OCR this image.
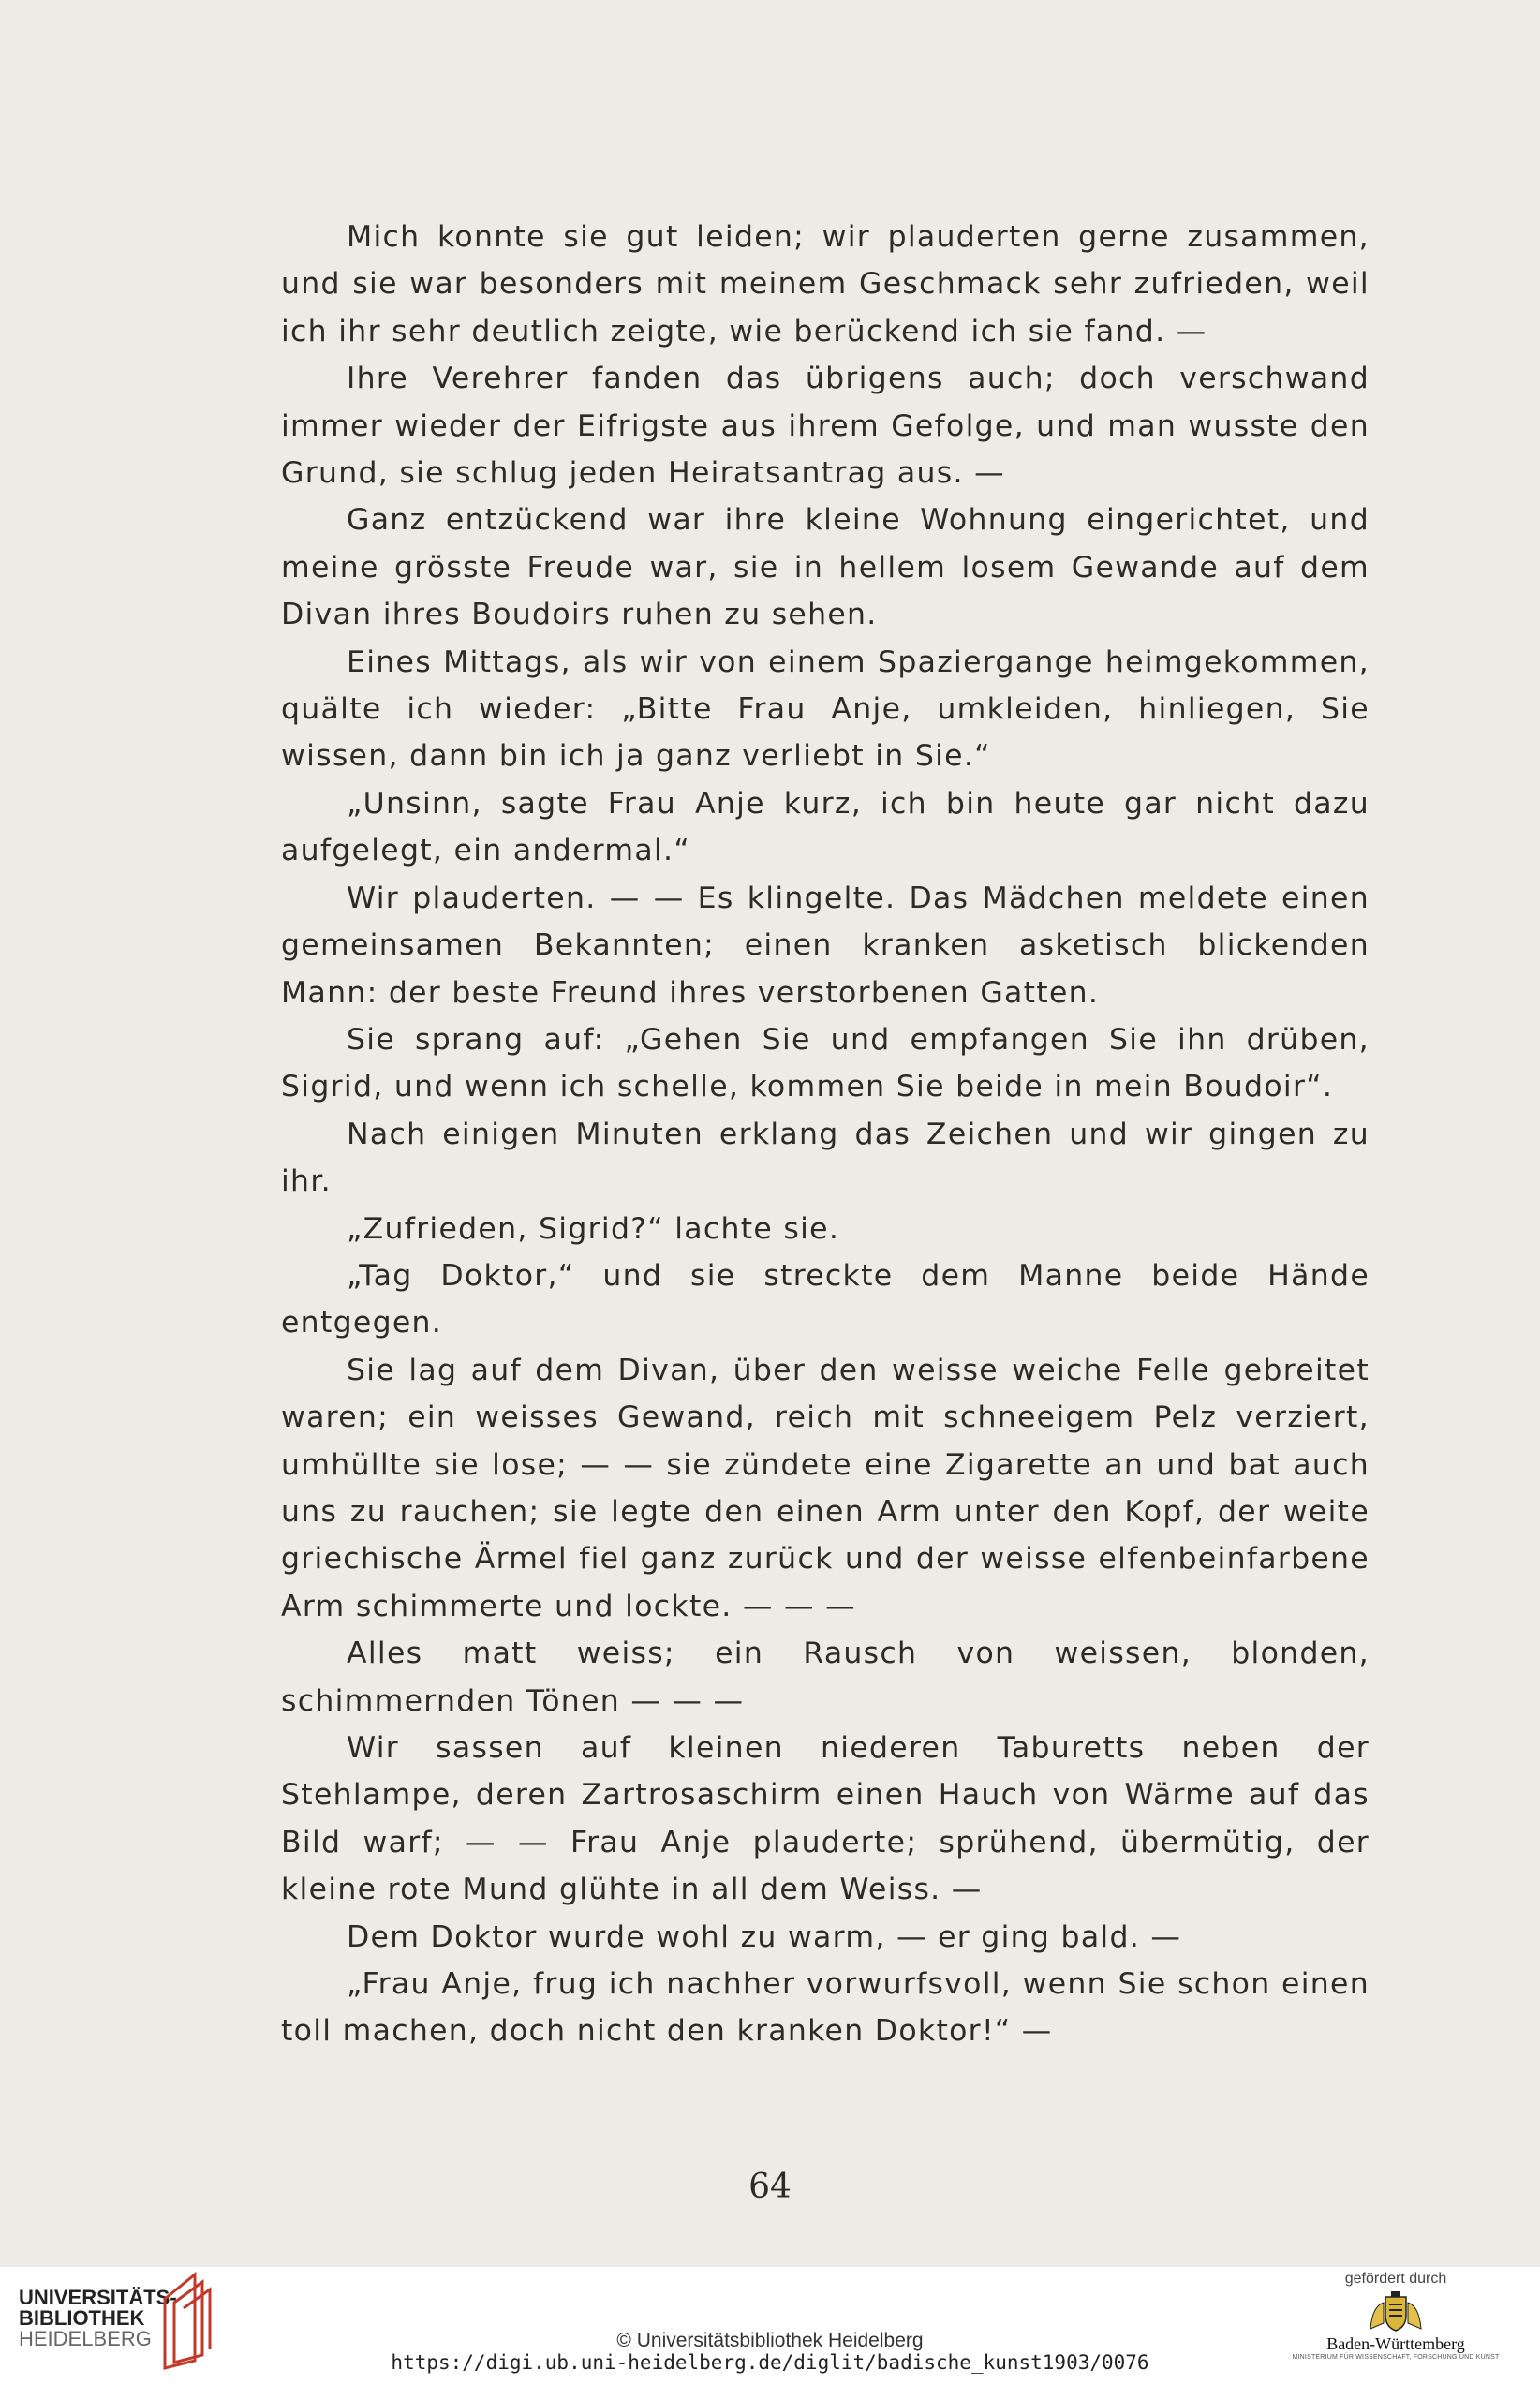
Mich konnte sie gut leiden; wir plauderten gerne zusammen, und sie war besonders mit meinem Geschmack sehr zufrieden, weil ich ihr sehr deutlich zeigte, wie berückend ich sie fand. —

Ihre Verehrer fanden das übrigens auch; doch verschwand immer wieder der Eifrigste aus ihrem Gefolge, und man wusste den Grund, sie schlug jeden Heiratsantrag aus. —

Ganz entzückend war ihre kleine Wohnung eingerichtet, und meine grösste Freude war, sie in hellem losem Gewande auf dem Divan ihres Boudoirs ruhen zu sehen.

Eines Mittags, als wir von einem Spaziergange heimgekommen, quälte ich wieder: „Bitte Frau Anje, umkleiden, hinliegen, Sie wissen, dann bin ich ja ganz verliebt in Sie.“

„Unsinn, sagte Frau Anje kurz, ich bin heute gar nicht dazu aufgelegt, ein andermal.“

Wir plauderten. — — Es klingelte. Das Mädchen meldete einen gemeinsamen Bekannten; einen kranken asketisch blickenden Mann: der beste Freund ihres verstorbenen Gatten.

Sie sprang auf: „Gehen Sie und empfangen Sie ihn drüben, Sigrid, und wenn ich schelle, kommen Sie beide in mein Boudoir“.

Nach einigen Minuten erklang das Zeichen und wir gingen zu ihr.

„Zufrieden, Sigrid?“ lachte sie.

„Tag Doktor,“ und sie streckte dem Manne beide Hände entgegen.

Sie lag auf dem Divan, über den weisse weiche Felle gebreitet waren; ein weisses Gewand, reich mit schneeigem Pelz verziert, umhüllte sie lose; — — sie zündete eine Zigarette an und bat auch uns zu rauchen; sie legte den einen Arm unter den Kopf, der weite griechische Ärmel fiel ganz zurück und der weisse elfenbeinfarbene Arm schimmerte und lockte. — — —

Alles matt weiss; ein Rausch von weissen, blonden, schimmernden Tönen — — —

Wir sassen auf kleinen niederen Taburetts neben der Stehlampe, deren Zartrosaschirm einen Hauch von Wärme auf das Bild warf; — — Frau Anje plauderte; sprühend, übermütig, der kleine rote Mund glühte in all dem Weiss. —

Dem Doktor wurde wohl zu warm, — er ging bald. —

„Frau Anje, frug ich nachher vorwurfsvoll, wenn Sie schon einen toll machen, doch nicht den kranken Doktor!“ —

64
UNIVERSITÄTS-
BIBLIOTHEK
HEIDELBERG	© Universitätsbibliothek Heidelberg
https://digi.ub.uni-heidelberg.de/diglit/badische_kunst1903/0076
gefördert durch
Baden-Württemberg
MINISTERIUM FÜR WISSENSCHAFT, FORSCHUNG UND KUNST
